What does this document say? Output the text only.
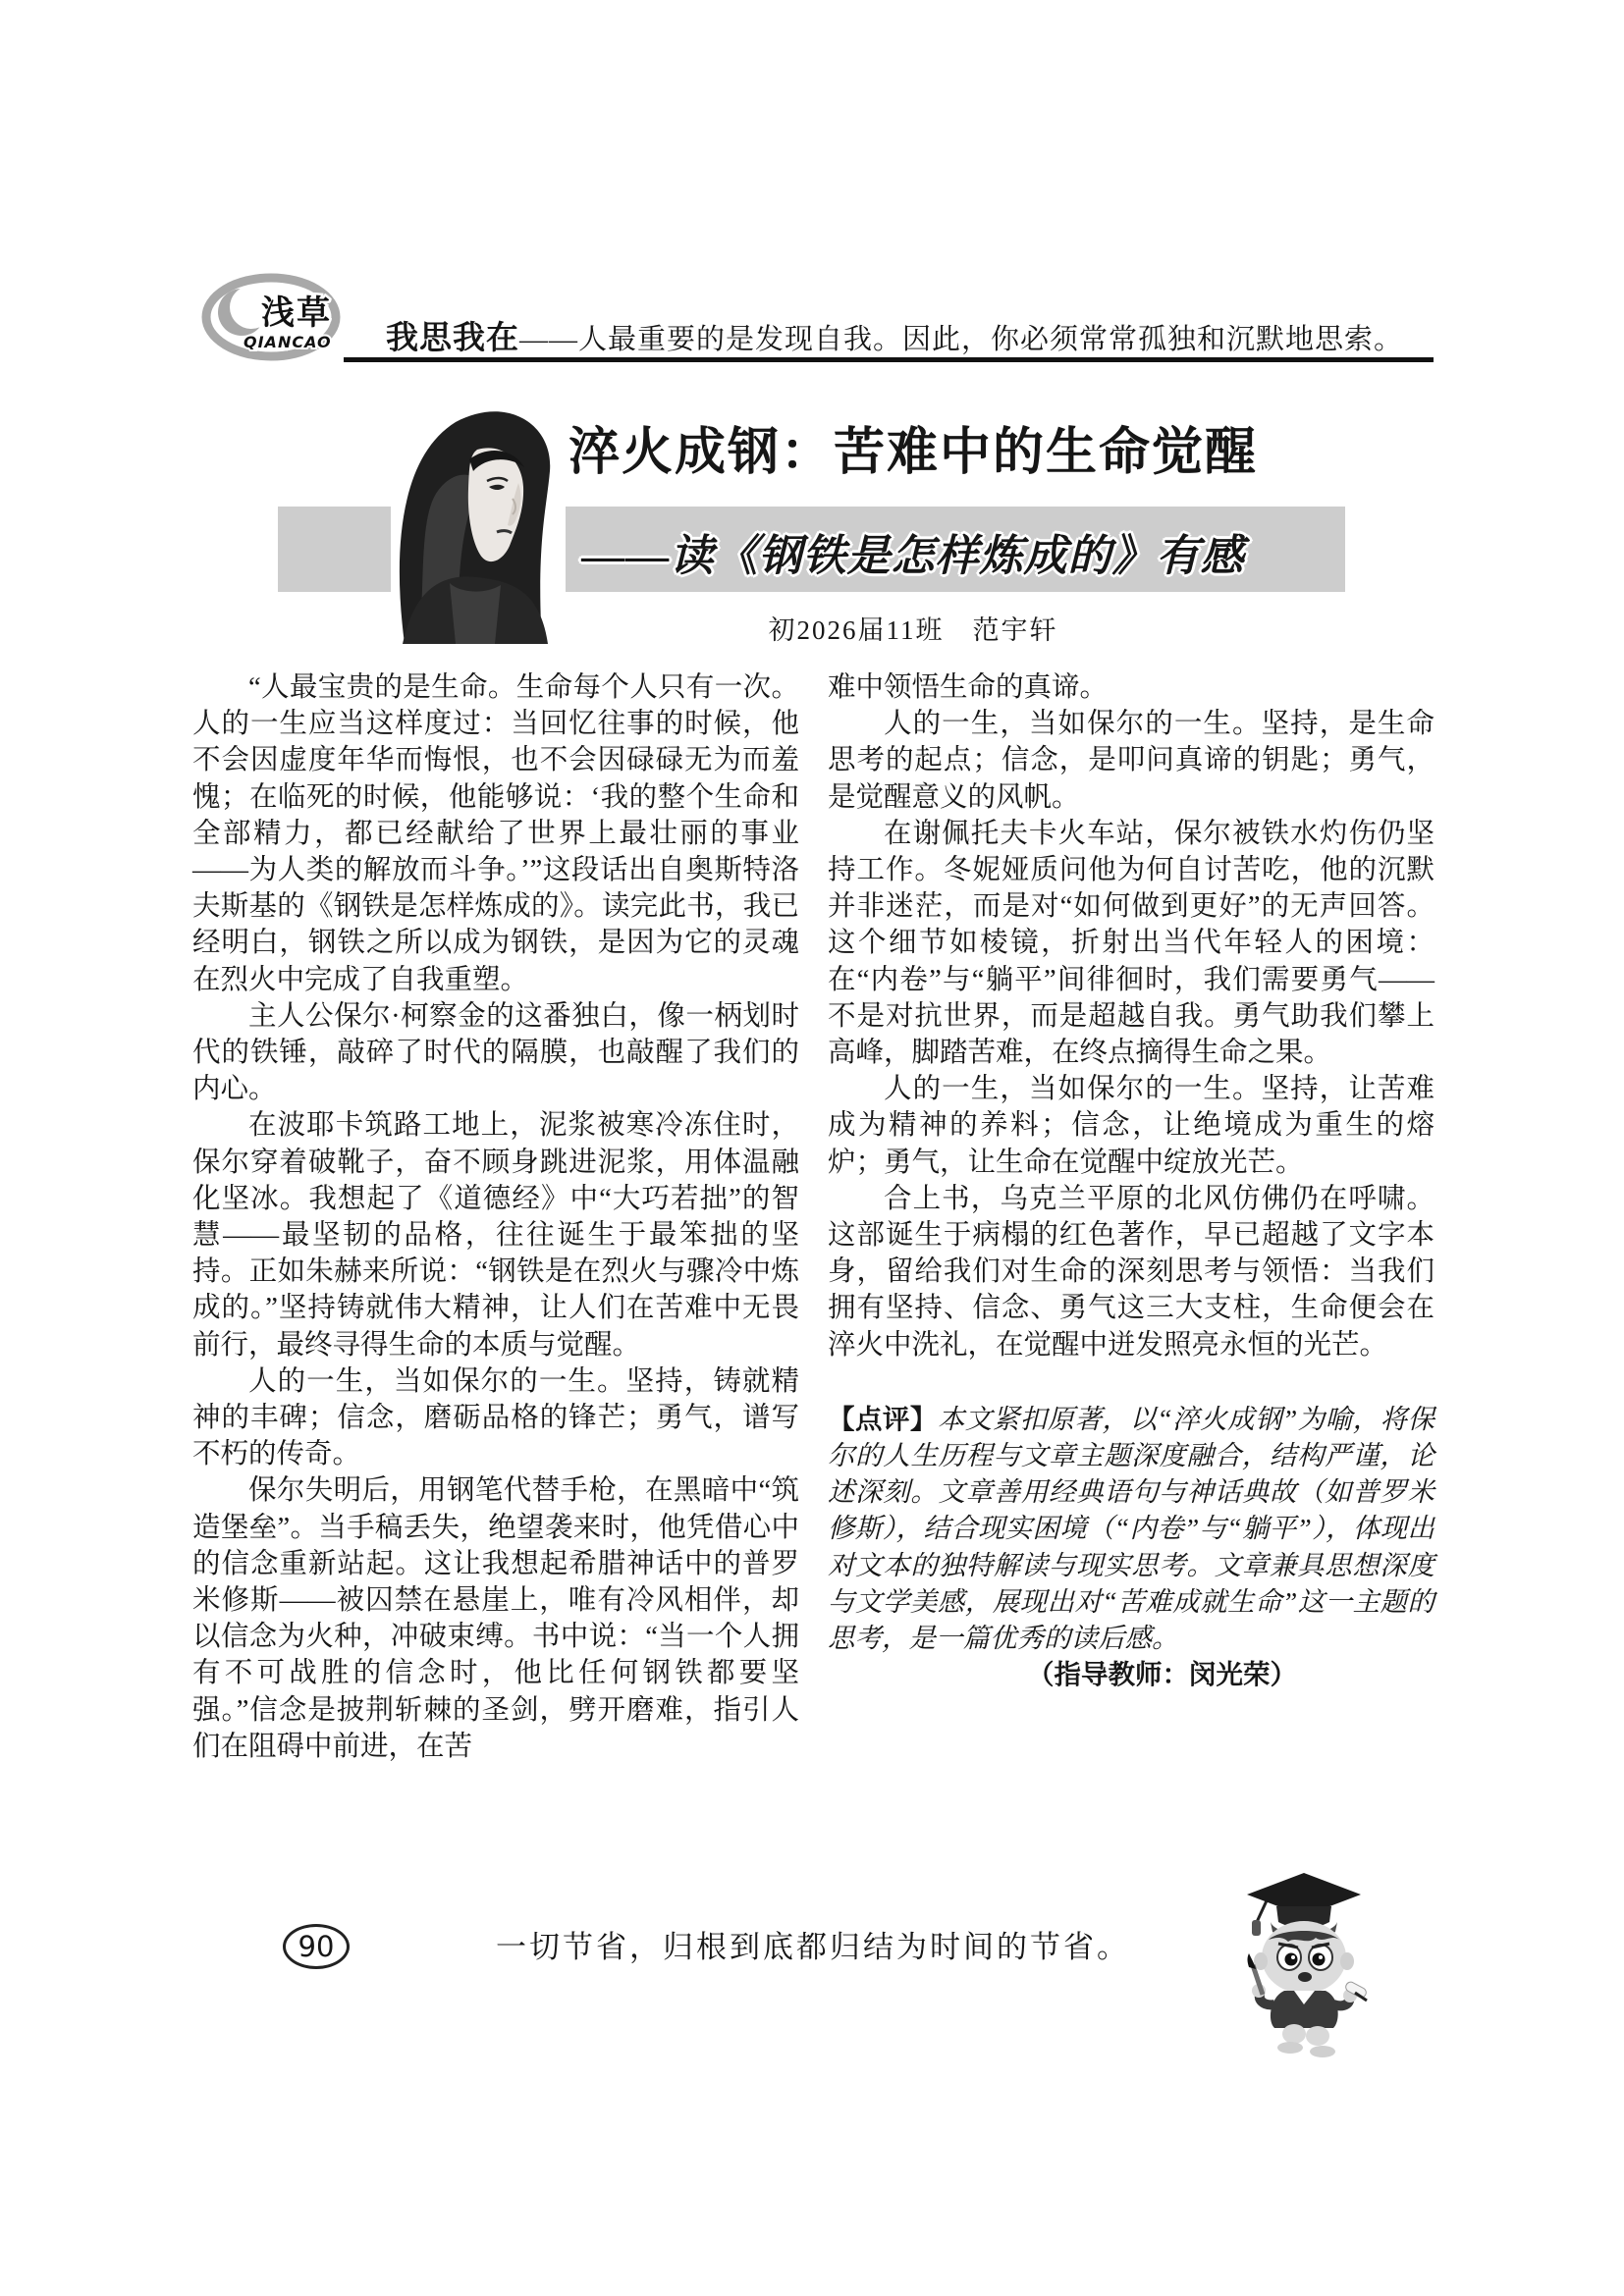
浅草
QIANCAO 我思我在——人最重要的是发现自我。因此，你必须常常孤独和沉默地思索。
淬火成钢：苦难中的生命觉醒
——读《钢铁是怎样炼成的》有感
初2026届11班　范宇轩

“人最宝贵的是生命。生命每个人只有一次。人的一生应当这样度过：当回忆往事的时候，他不会因虚度年华而悔恨，也不会因碌碌无为而羞愧；在临死的时候，他能够说：‘我的整个生命和全部精力，都已经献给了世界上最壮丽的事业——为人类的解放而斗争。’”这段话出自奥斯特洛夫斯基的《钢铁是怎样炼成的》。读完此书，我已经明白，钢铁之所以成为钢铁，是因为它的灵魂在烈火中完成了自我重塑。

主人公保尔·柯察金的这番独白，像一柄划时代的铁锤，敲碎了时代的隔膜，也敲醒了我们的内心。

在波耶卡筑路工地上，泥浆被寒冷冻住时，保尔穿着破靴子，奋不顾身跳进泥浆，用体温融化坚冰。我想起了《道德经》中“大巧若拙”的智慧——最坚韧的品格，往往诞生于最笨拙的坚持。正如朱赫来所说：“钢铁是在烈火与骤冷中炼成的。”坚持铸就伟大精神，让人们在苦难中无畏前行，最终寻得生命的本质与觉醒。

人的一生，当如保尔的一生。坚持，铸就精神的丰碑；信念，磨砺品格的锋芒；勇气，谱写不朽的传奇。

保尔失明后，用钢笔代替手枪，在黑暗中“筑造堡垒”。当手稿丢失，绝望袭来时，他凭借心中的信念重新站起。这让我想起希腊神话中的普罗米修斯——被囚禁在悬崖上，唯有冷风相伴，却以信念为火种，冲破束缚。书中说：“当一个人拥有不可战胜的信念时，他比任何钢铁都要坚强。”信念是披荆斩棘的圣剑，劈开磨难，指引人们在阻碍中前进，在苦

难中领悟生命的真谛。

人的一生，当如保尔的一生。坚持，是生命思考的起点；信念，是叩问真谛的钥匙；勇气，是觉醒意义的风帆。

在谢佩托夫卡火车站，保尔被铁水灼伤仍坚持工作。冬妮娅质问他为何自讨苦吃，他的沉默并非迷茫，而是对“如何做到更好”的无声回答。这个细节如棱镜，折射出当代年轻人的困境：在“内卷”与“躺平”间徘徊时，我们需要勇气——不是对抗世界，而是超越自我。勇气助我们攀上高峰，脚踏苦难，在终点摘得生命之果。

人的一生，当如保尔的一生。坚持，让苦难成为精神的养料；信念，让绝境成为重生的熔炉；勇气，让生命在觉醒中绽放光芒。

合上书，乌克兰平原的北风仿佛仍在呼啸。这部诞生于病榻的红色著作，早已超越了文字本身，留给我们对生命的深刻思考与领悟：当我们拥有坚持、信念、勇气这三大支柱，生命便会在淬火中洗礼，在觉醒中迸发照亮永恒的光芒。

【点评】本文紧扣原著，以“淬火成钢”为喻，将保尔的人生历程与文章主题深度融合，结构严谨，论述深刻。文章善用经典语句与神话典故（如普罗米修斯），结合现实困境（“内卷”与“躺平”），体现出对文本的独特解读与现实思考。文章兼具思想深度与文学美感，展现出对“苦难成就生命”这一主题的思考，是一篇优秀的读后感。

（指导教师：闵光荣）

90	一切节省，归根到底都归结为时间的节省。
